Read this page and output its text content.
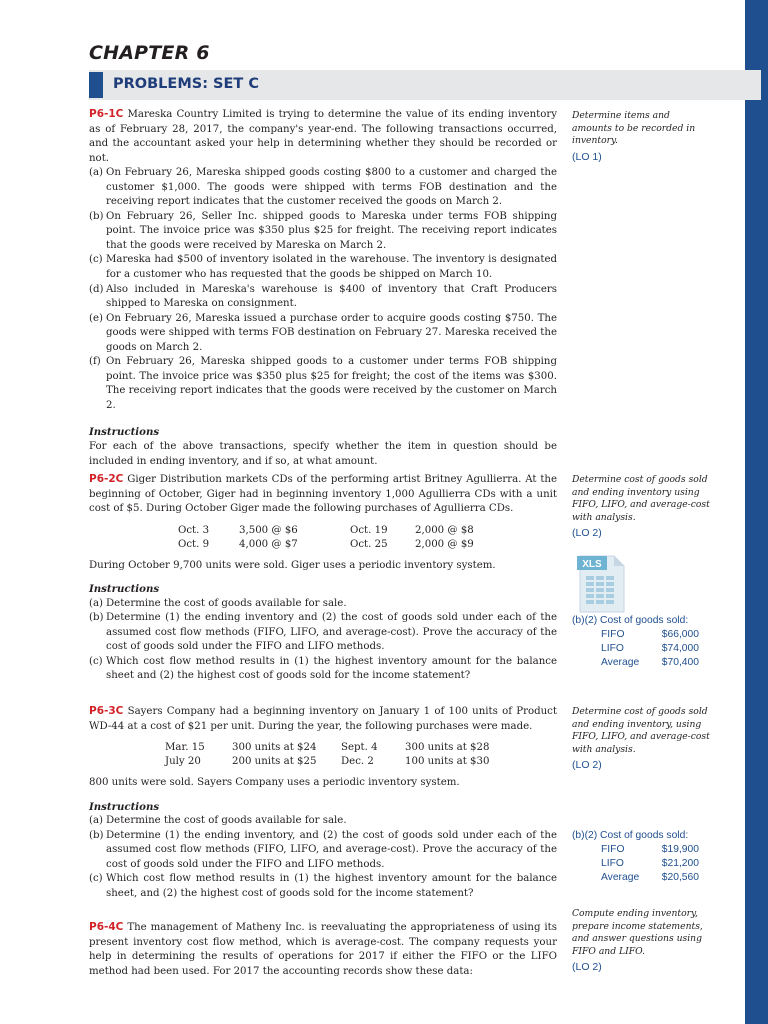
CHAPTER 6
PROBLEMS: SET C

P6-1C Mareska Country Limited is trying to determine the value of its ending inventory as of February 28, 2017, the company's year-end. The following transactions occurred, and the accountant asked your help in determining whether they should be recorded or not.

(a) On February 26, Mareska shipped goods costing $800 to a customer and charged the customer $1,000. The goods were shipped with terms FOB destination and the receiving report indicates that the customer received the goods on March 2.
(b) On February 26, Seller Inc. shipped goods to Mareska under terms FOB shipping point. The invoice price was $350 plus $25 for freight. The receiving report indicates that the goods were received by Mareska on March 2.
(c) Mareska had $500 of inventory isolated in the warehouse. The inventory is designated for a customer who has requested that the goods be shipped on March 10.
(d) Also included in Mareska's warehouse is $400 of inventory that Craft Producers shipped to Mareska on consignment.
(e) On February 26, Mareska issued a purchase order to acquire goods costing $750. The goods were shipped with terms FOB destination on February 27. Mareska received the goods on March 2.
(f) On February 26, Mareska shipped goods to a customer under terms FOB shipping point. The invoice price was $350 plus $25 for freight; the cost of the items was $300. The receiving report indicates that the goods were received by the customer on March 2.
Instructions

For each of the above transactions, specify whether the item in question should be included in ending inventory, and if so, at what amount.

Determine items and amounts to be recorded in inventory.
(LO 1)

P6-2C Giger Distribution markets CDs of the performing artist Britney Agullierra. At the beginning of October, Giger had in beginning inventory 1,000 Agullierra CDs with a unit cost of $5. During October Giger made the following purchases of Agullierra CDs.

Oct. 3	3,500 @ $6	Oct. 19	2,000 @ $8
Oct. 9	4,000 @ $7	Oct. 25	2,000 @ $9

During October 9,700 units were sold. Giger uses a periodic inventory system.

Instructions
(a) Determine the cost of goods available for sale.
(b) Determine (1) the ending inventory and (2) the cost of goods sold under each of the assumed cost flow methods (FIFO, LIFO, and average-cost). Prove the accuracy of the cost of goods sold under the FIFO and LIFO methods.
(c) Which cost flow method results in (1) the highest inventory amount for the balance sheet and (2) the highest cost of goods sold for the income statement?
Determine cost of goods sold and ending inventory using FIFO, LIFO, and average-cost with analysis.
(LO 2)
XLS
(b)(2) Cost of goods sold:
FIFO	$66,000
LIFO	$74,000
Average	$70,400

P6-3C Sayers Company had a beginning inventory on January 1 of 100 units of Product WD-44 at a cost of $21 per unit. During the year, the following purchases were made.

Mar. 15	300 units at $24	Sept. 4	300 units at $28
July 20	200 units at $25	Dec. 2	100 units at $30

800 units were sold. Sayers Company uses a periodic inventory system.

Instructions
(a) Determine the cost of goods available for sale.
(b) Determine (1) the ending inventory, and (2) the cost of goods sold under each of the assumed cost flow methods (FIFO, LIFO, and average-cost). Prove the accuracy of the cost of goods sold under the FIFO and LIFO methods.
(c) Which cost flow method results in (1) the highest inventory amount for the balance sheet, and (2) the highest cost of goods sold for the income statement?
Determine cost of goods sold and ending inventory, using FIFO, LIFO, and average-cost with analysis.
(LO 2)
(b)(2) Cost of goods sold:
FIFO	$19,900
LIFO	$21,200
Average	$20,560

P6-4C The management of Matheny Inc. is reevaluating the appropriateness of using its present inventory cost flow method, which is average-cost. The company requests your help in determining the results of operations for 2017 if either the FIFO or the LIFO method had been used. For 2017 the accounting records show these data:

Compute ending inventory, prepare income statements, and answer questions using FIFO and LIFO.
(LO 2)
